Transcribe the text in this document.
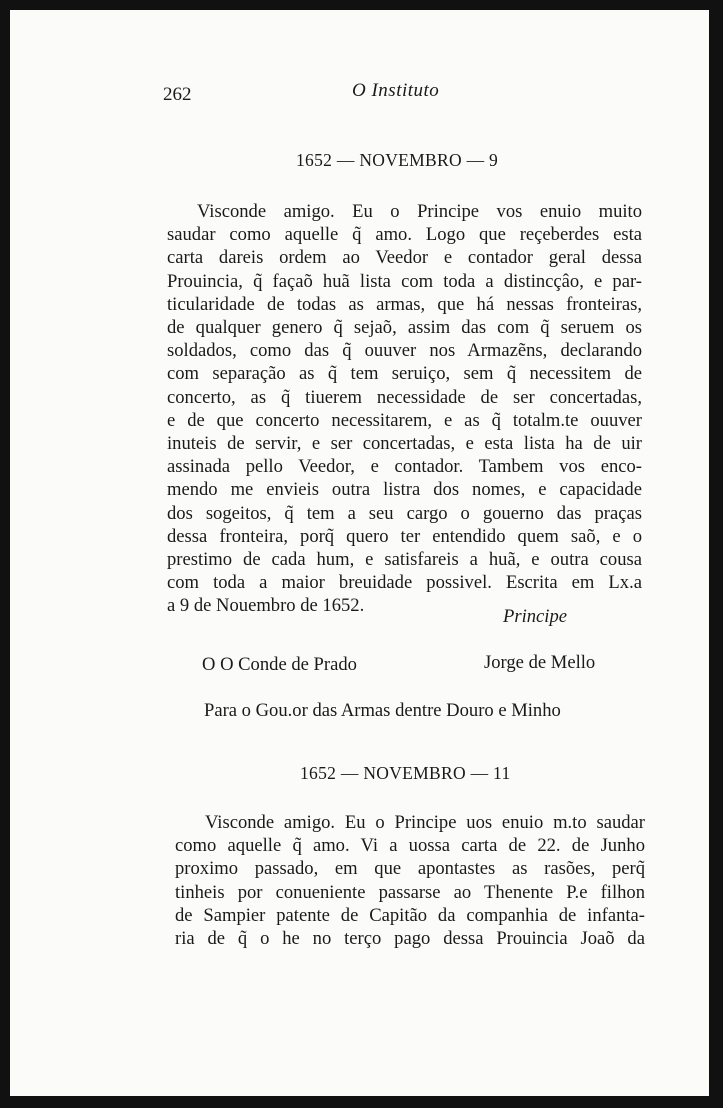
262	O Instituto
1652 — NOVEMBRO — 9
Visconde amigo. Eu o Principe vos enuio muito
saudar como aquelle q̃ amo. Logo que reçeberdes esta
carta dareis ordem ao Veedor e contador geral dessa
Prouincia, q̃ façaõ huã lista com toda a distincçâo, e par-
ticularidade de todas as armas, que há nessas fronteiras,
de qualquer genero q̃ sejaõ, assim das com q̃ seruem os
soldados, como das q̃ ouuver nos Armazẽns, declarando
com separação as q̃ tem seruiço, sem q̃ necessitem de
concerto, as q̃ tiuerem necessidade de ser concertadas,
e de que concerto necessitarem, e as q̃ totalm.te ouuver
inuteis de servir, e ser concertadas, e esta lista ha de uir
assinada pello Veedor, e contador. Tambem vos enco-
mendo me envieis outra listra dos nomes, e capacidade
dos sogeitos, q̃ tem a seu cargo o gouerno das praças
dessa fronteira, porq̃ quero ter entendido quem saõ, e o
prestimo de cada hum, e satisfareis a huã, e outra cousa
com toda a maior breuidade possivel. Escrita em Lx.a
a 9 de Nouembro de 1652.
Principe
O O Conde de Prado	Jorge de Mello
Para o Gou.or das Armas dentre Douro e Minho
1652 — NOVEMBRO — 11
Visconde amigo. Eu o Principe uos enuio m.to saudar
como aquelle q̃ amo. Vi a uossa carta de 22. de Junho
proximo passado, em que apontastes as rasões, perq̃
tinheis por conueniente passarse ao Thenente P.e filhon
de Sampier patente de Capitão da companhia de infanta-
ria de q̃ o he no terço pago dessa Prouincia Joaõ da
